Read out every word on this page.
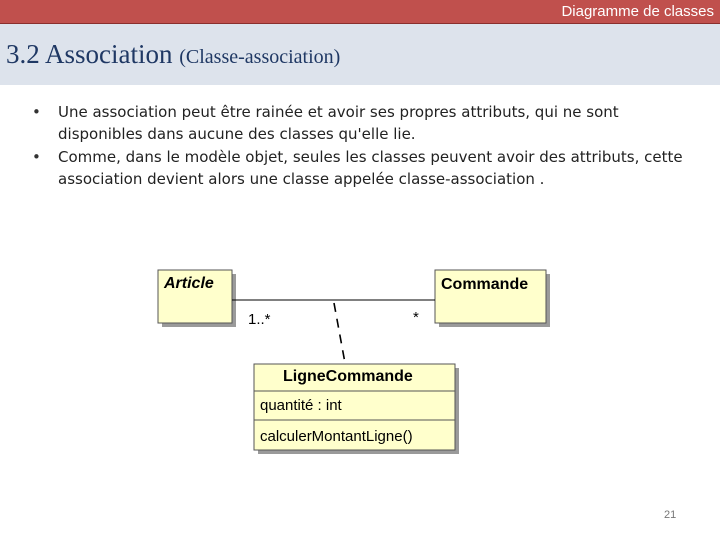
Diagramme de classes
3.2 Association (Classe-association)
• Une association peut être rainée et avoir ses propres attributs, qui ne sont disponibles dans aucune des classes qu'elle lie.
• Comme, dans le modèle objet, seules les classes peuvent avoir des attributs, cette association devient alors une classe appelée classe-association .
Article	Commande
1..*	*
LigneCommande
quantité : int
calculerMontantLigne()
21
